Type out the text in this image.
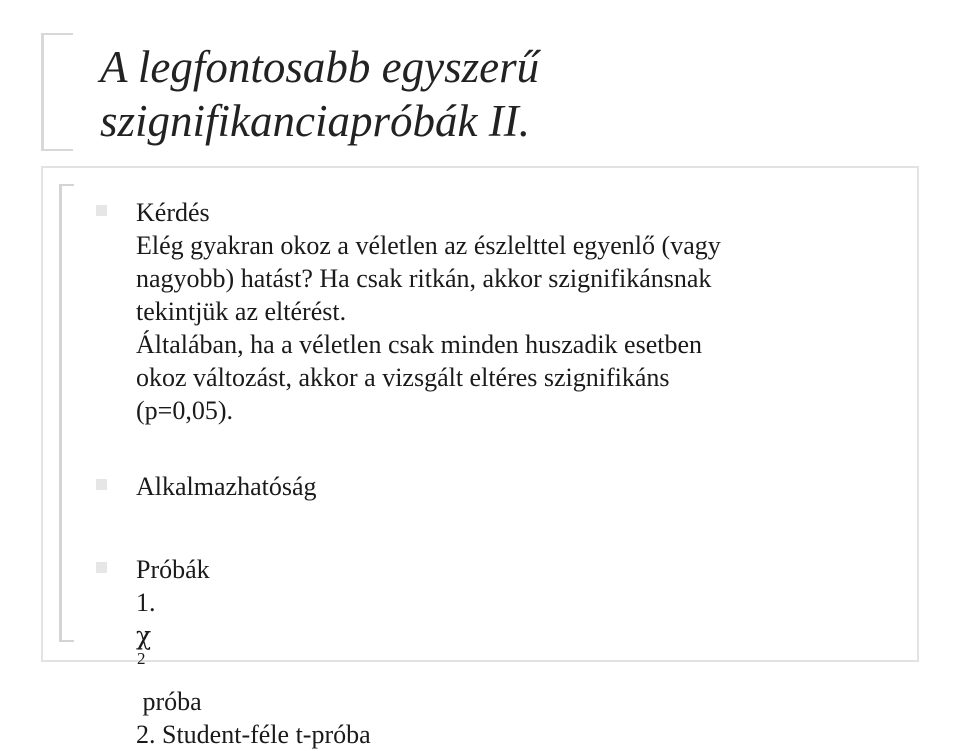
A legfontosabb egyszerű
szignifikanciapróbák II.
Kérdés
Elég gyakran okoz a véletlen az észlelttel egyenlő (vagy
nagyobb) hatást? Ha csak ritkán, akkor szignifikánsnak
tekintjük az eltérést.
Általában, ha a véletlen csak minden huszadik esetben
okoz változást, akkor a vizsgált eltéres szignifikáns
(p=0,05).
Alkalmazhatóság
Próbák
1.
χ
2
próba
2. Student-féle t-próba
